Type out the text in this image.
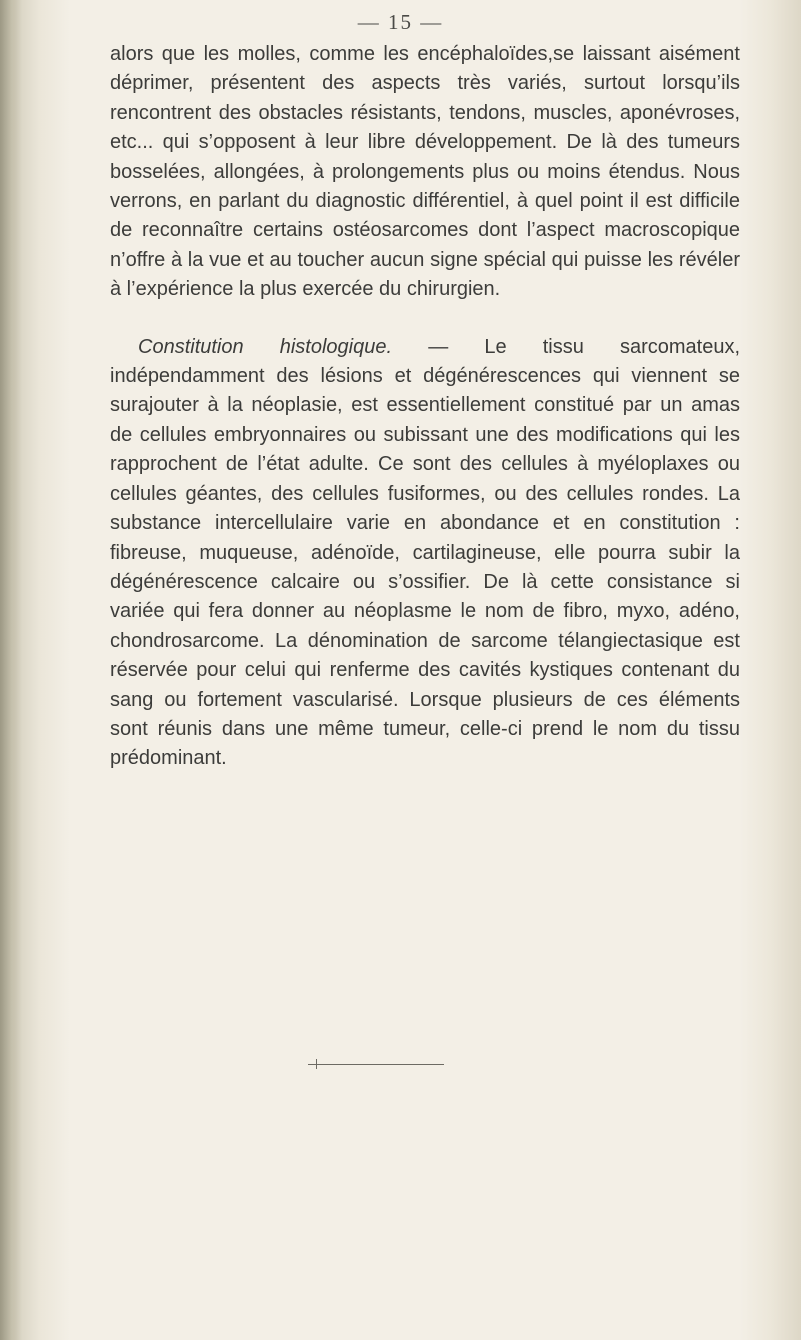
— 15 —

alors que les molles, comme les encéphaloïdes,se laissant aisément déprimer, présentent des aspects très variés, surtout lorsqu’ils rencontrent des obstacles résistants, tendons, muscles, aponévroses, etc... qui s’opposent à leur libre développement. De là des tumeurs bosselées, allongées, à prolongements plus ou moins étendus. Nous verrons, en parlant du diagnostic différentiel, à quel point il est difficile de reconnaître certains ostéosarcomes dont l’aspect macroscopique n’offre à la vue et au toucher aucun signe spécial qui puisse les révéler à l’expérience la plus exercée du chirurgien.

Constitution histologique. — Le tissu sarcomateux, indépendamment des lésions et dégénérescences qui viennent se surajouter à la néoplasie, est essentiellement constitué par un amas de cellules embryonnaires ou subissant une des modifications qui les rapprochent de l’état adulte. Ce sont des cellules à myéloplaxes ou cellules géantes, des cellules fusiformes, ou des cellules rondes. La substance intercellulaire varie en abondance et en constitution : fibreuse, muqueuse, adénoïde, cartilagineuse, elle pourra subir la dégénérescence calcaire ou s’ossifier. De là cette consistance si variée qui fera donner au néoplasme le nom de fibro, myxo, adéno, chondrosarcome. La dénomination de sarcome télangiectasique est réservée pour celui qui renferme des cavités kystiques contenant du sang ou fortement vascularisé. Lorsque plusieurs de ces éléments sont réunis dans une même tumeur, celle-ci prend le nom du tissu prédominant.
